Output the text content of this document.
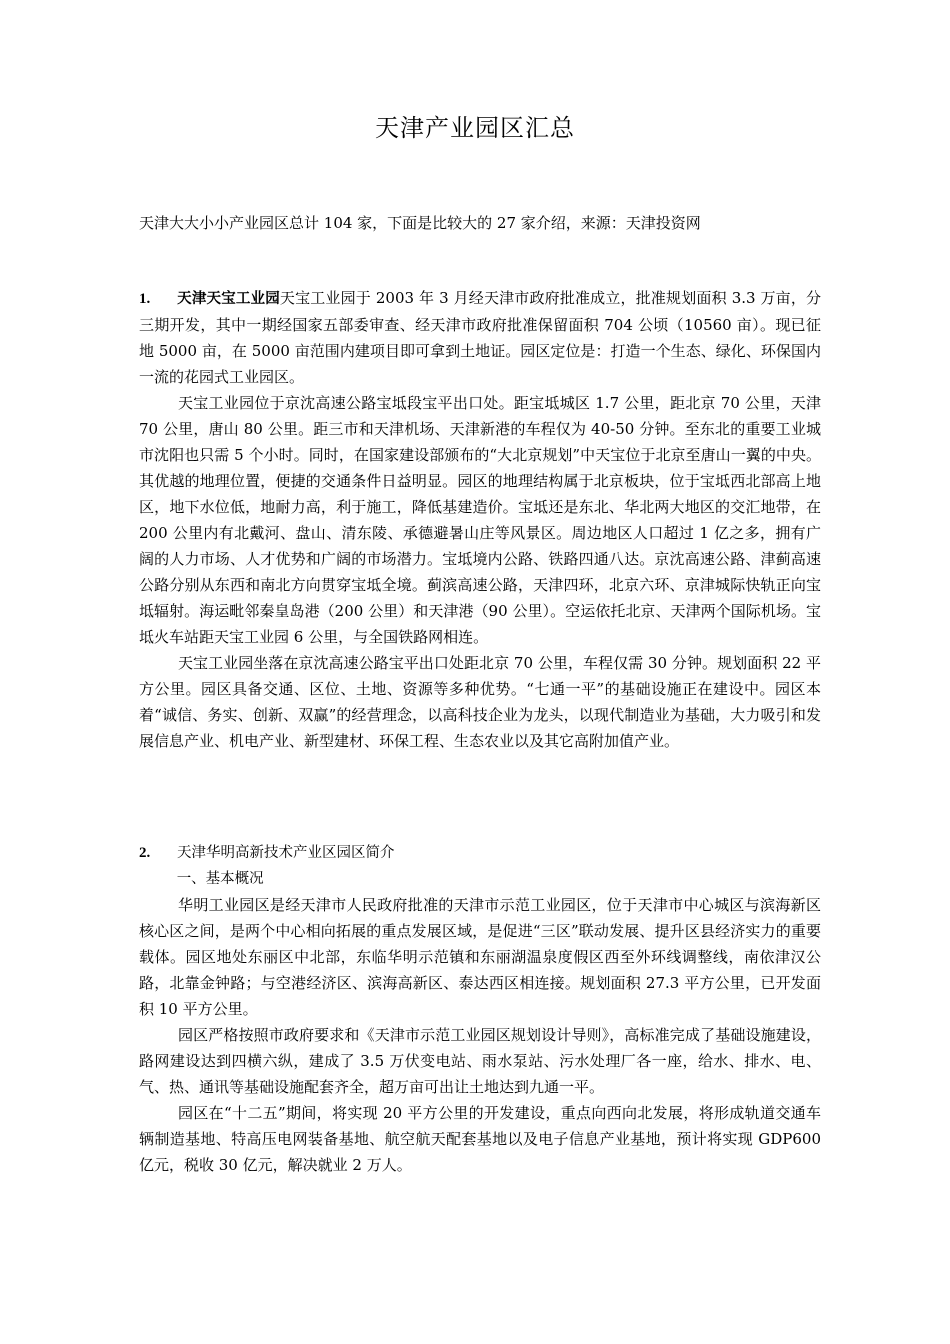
天津产业园区汇总

天津大大小小产业园区总计 104 家，下面是比较大的 27 家介绍，来源：天津投资网

1. 天津天宝工业园天宝工业园于 2003 年 3 月经天津市政府批准成立，批准规划面积 3.3 万亩，分三期开发，其中一期经国家五部委审查、经天津市政府批准保留面积 704 公顷（10560 亩）。现已征地 5000 亩，在 5000 亩范围内建项目即可拿到土地证。园区定位是：打造一个生态、绿化、环保国内一流的花园式工业园区。

天宝工业园位于京沈高速公路宝坻段宝平出口处。距宝坻城区 1.7 公里，距北京 70 公里，天津 70 公里，唐山 80 公里。距三市和天津机场、天津新港的车程仅为 40-50 分钟。至东北的重要工业城市沈阳也只需 5 个小时。同时，在国家建设部颁布的“大北京规划”中天宝位于北京至唐山一翼的中央。其优越的地理位置，便捷的交通条件日益明显。园区的地理结构属于北京板块，位于宝坻西北部高上地区，地下水位低，地耐力高，利于施工，降低基建造价。宝坻还是东北、华北两大地区的交汇地带，在 200 公里内有北戴河、盘山、清东陵、承德避暑山庄等风景区。周边地区人口超过 1 亿之多，拥有广阔的人力市场、人才优势和广阔的市场潜力。宝坻境内公路、铁路四通八达。京沈高速公路、津蓟高速公路分别从东西和南北方向贯穿宝坻全境。蓟滨高速公路，天津四环，北京六环、京津城际快轨正向宝坻辐射。海运毗邻秦皇岛港（200 公里）和天津港（90 公里）。空运依托北京、天津两个国际机场。宝坻火车站距天宝工业园 6 公里，与全国铁路网相连。

天宝工业园坐落在京沈高速公路宝平出口处距北京 70 公里，车程仅需 30 分钟。规划面积 22 平方公里。园区具备交通、区位、土地、资源等多种优势。“七通一平”的基础设施正在建设中。园区本着“诚信、务实、创新、双赢”的经营理念，以高科技企业为龙头，以现代制造业为基础，大力吸引和发展信息产业、机电产业、新型建材、环保工程、生态农业以及其它高附加值产业。

2. 天津华明高新技术产业区园区简介

一、基本概况

华明工业园区是经天津市人民政府批准的天津市示范工业园区，位于天津市中心城区与滨海新区核心区之间，是两个中心相向拓展的重点发展区域，是促进“三区”联动发展、提升区县经济实力的重要载体。园区地处东丽区中北部，东临华明示范镇和东丽湖温泉度假区西至外环线调整线，南依津汉公路，北靠金钟路；与空港经济区、滨海高新区、泰达西区相连接。规划面积 27.3 平方公里，已开发面积 10 平方公里。

园区严格按照市政府要求和《天津市示范工业园区规划设计导则》，高标准完成了基础设施建设，路网建设达到四横六纵，建成了 3.5 万伏变电站、雨水泵站、污水处理厂各一座，给水、排水、电、气、热、通讯等基础设施配套齐全，超万亩可出让土地达到九通一平。

园区在“十二五”期间，将实现 20 平方公里的开发建设，重点向西向北发展，将形成轨道交通车辆制造基地、特高压电网装备基地、航空航天配套基地以及电子信息产业基地，预计将实现 GDP600 亿元，税收 30 亿元，解决就业 2 万人。
